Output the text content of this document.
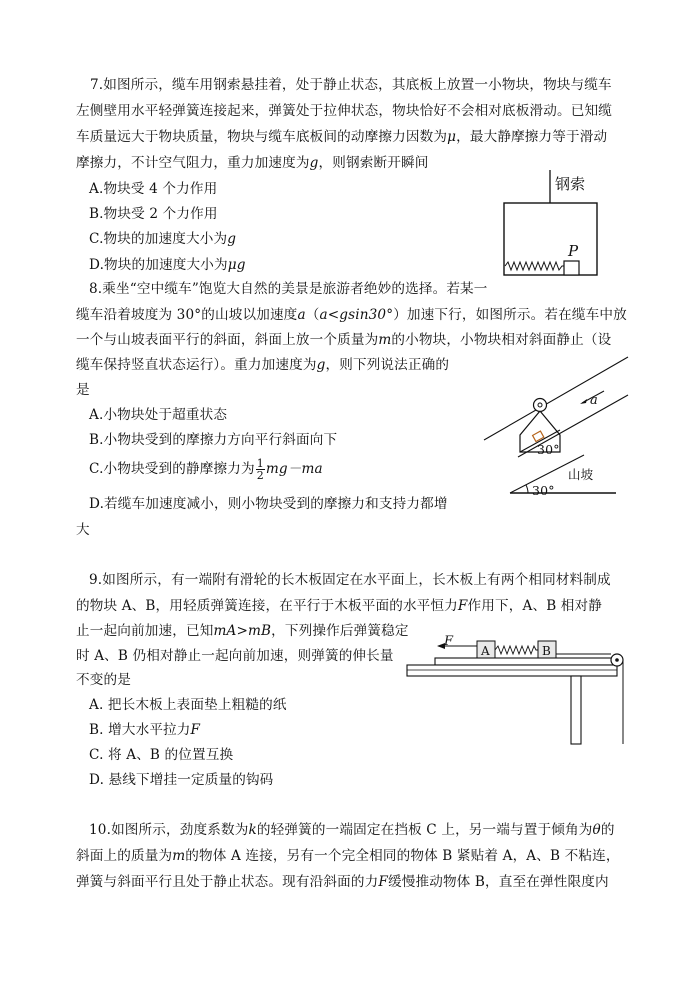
7.如图所示，缆车用钢索悬挂着，处于静止状态，其底板上放置一小物块，物块与缆车
左侧壁用水平轻弹簧连接起来，弹簧处于拉伸状态，物块恰好不会相对底板滑动。已知缆
车质量远大于物块质量，物块与缆车底板间的动摩擦力因数为μ，最大静摩擦力等于滑动
摩擦力，不计空气阻力，重力加速度为g，则钢索断开瞬间
A.物块受 4 个力作用
B.物块受 2 个力作用
C.物块的加速度大小为g
D.物块的加速度大小为μg
钢索
P
8.乘坐“空中缆车”饱览大自然的美景是旅游者绝妙的选择。若某一
缆车沿着坡度为 30°的山坡以加速度a（a<gsin30°）加速下行，如图所示。若在缆车中放
一个与山坡表面平行的斜面，斜面上放一个质量为m的小物块，小物块相对斜面静止（设
缆车保持竖直状态运行）。重力加速度为g，则下列说法正确的
是
A.小物块处于超重状态
B.小物块受到的摩擦力方向平行斜面向下
C.小物块受到的静摩擦力为 $\frac{1}{2} mg-ma$
D.若缆车加速度减小，则小物块受到的摩擦力和支持力都增
大
a
30°
山坡
30°
9.如图所示，有一端附有滑轮的长木板固定在水平面上，长木板上有两个相同材料制成
的物块 A、B，用轻质弹簧连接，在平行于木板平面的水平恒力F作用下，A、B 相对静
止一起向前加速，已知mA>mB，下列操作后弹簧稳定
时 A、B 仍相对静止一起向前加速，则弹簧的伸长量
不变的是
A. 把长木板上表面垫上粗糙的纸
B. 增大水平拉力F
C. 将 A、B 的位置互换
D. 悬线下增挂一定质量的钩码
F
A	B
10.如图所示，劲度系数为k的轻弹簧的一端固定在挡板 C 上，另一端与置于倾角为θ的
斜面上的质量为m的物体 A 连接，另有一个完全相同的物体 B 紧贴着 A，A、B 不粘连，
弹簧与斜面平行且处于静止状态。现有沿斜面的力F缓慢推动物体 B，直至在弹性限度内
